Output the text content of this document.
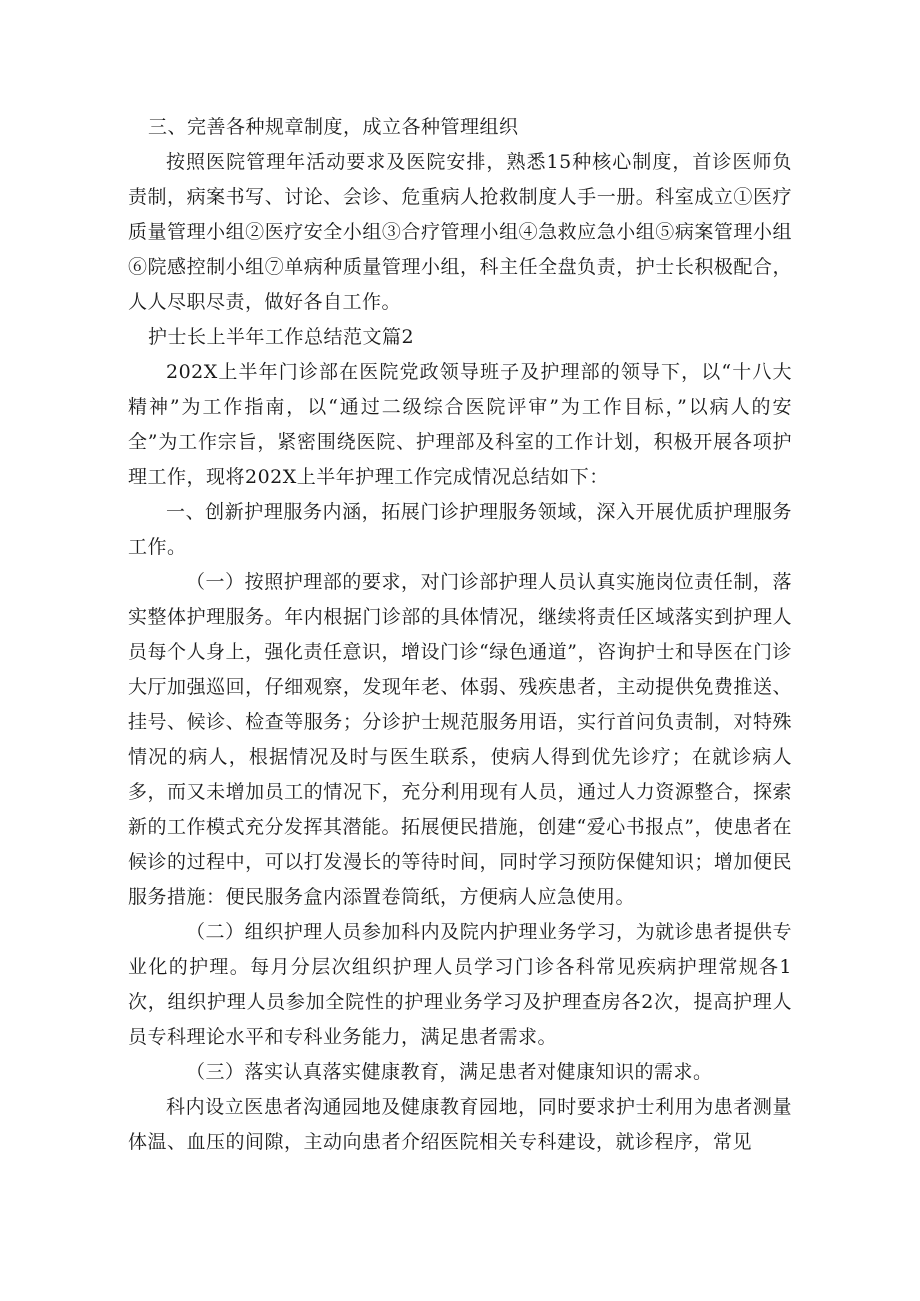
三、完善各种规章制度，成立各种管理组织

按照医院管理年活动要求及医院安排，熟悉15种核心制度，首诊医师负责制，病案书写、讨论、会诊、危重病人抢救制度人手一册。科室成立①医疗质量管理小组②医疗安全小组③合疗管理小组④急救应急小组⑤病案管理小组⑥院感控制小组⑦单病种质量管理小组，科主任全盘负责，护士长积极配合，人人尽职尽责，做好各自工作。

护士长上半年工作总结范文篇2

202X上半年门诊部在医院党政领导班子及护理部的领导下，以“十八大精神”为工作指南，以“通过二级综合医院评审”为工作目标，”以病人的安全”为工作宗旨，紧密围绕医院、护理部及科室的工作计划，积极开展各项护理工作，现将202X上半年护理工作完成情况总结如下：

一、创新护理服务内涵，拓展门诊护理服务领域，深入开展优质护理服务工作。

（一）按照护理部的要求，对门诊部护理人员认真实施岗位责任制，落实整体护理服务。年内根据门诊部的具体情况，继续将责任区域落实到护理人员每个人身上，强化责任意识，增设门诊“绿色通道”，咨询护士和导医在门诊大厅加强巡回，仔细观察，发现年老、体弱、残疾患者，主动提供免费推送、挂号、候诊、检查等服务；分诊护士规范服务用语，实行首问负责制，对特殊情况的病人，根据情况及时与医生联系，使病人得到优先诊疗；在就诊病人多，而又未增加员工的情况下，充分利用现有人员，通过人力资源整合，探索新的工作模式充分发挥其潜能。拓展便民措施，创建“爱心书报点”，使患者在候诊的过程中，可以打发漫长的等待时间，同时学习预防保健知识；增加便民服务措施：便民服务盒内添置卷筒纸，方便病人应急使用。

（二）组织护理人员参加科内及院内护理业务学习，为就诊患者提供专业化的护理。每月分层次组织护理人员学习门诊各科常见疾病护理常规各1次，组织护理人员参加全院性的护理业务学习及护理查房各2次，提高护理人员专科理论水平和专科业务能力，满足患者需求。

（三）落实认真落实健康教育，满足患者对健康知识的需求。

科内设立医患者沟通园地及健康教育园地，同时要求护士利用为患者测量体温、血压的间隙，主动向患者介绍医院相关专科建设，就诊程序，常见
